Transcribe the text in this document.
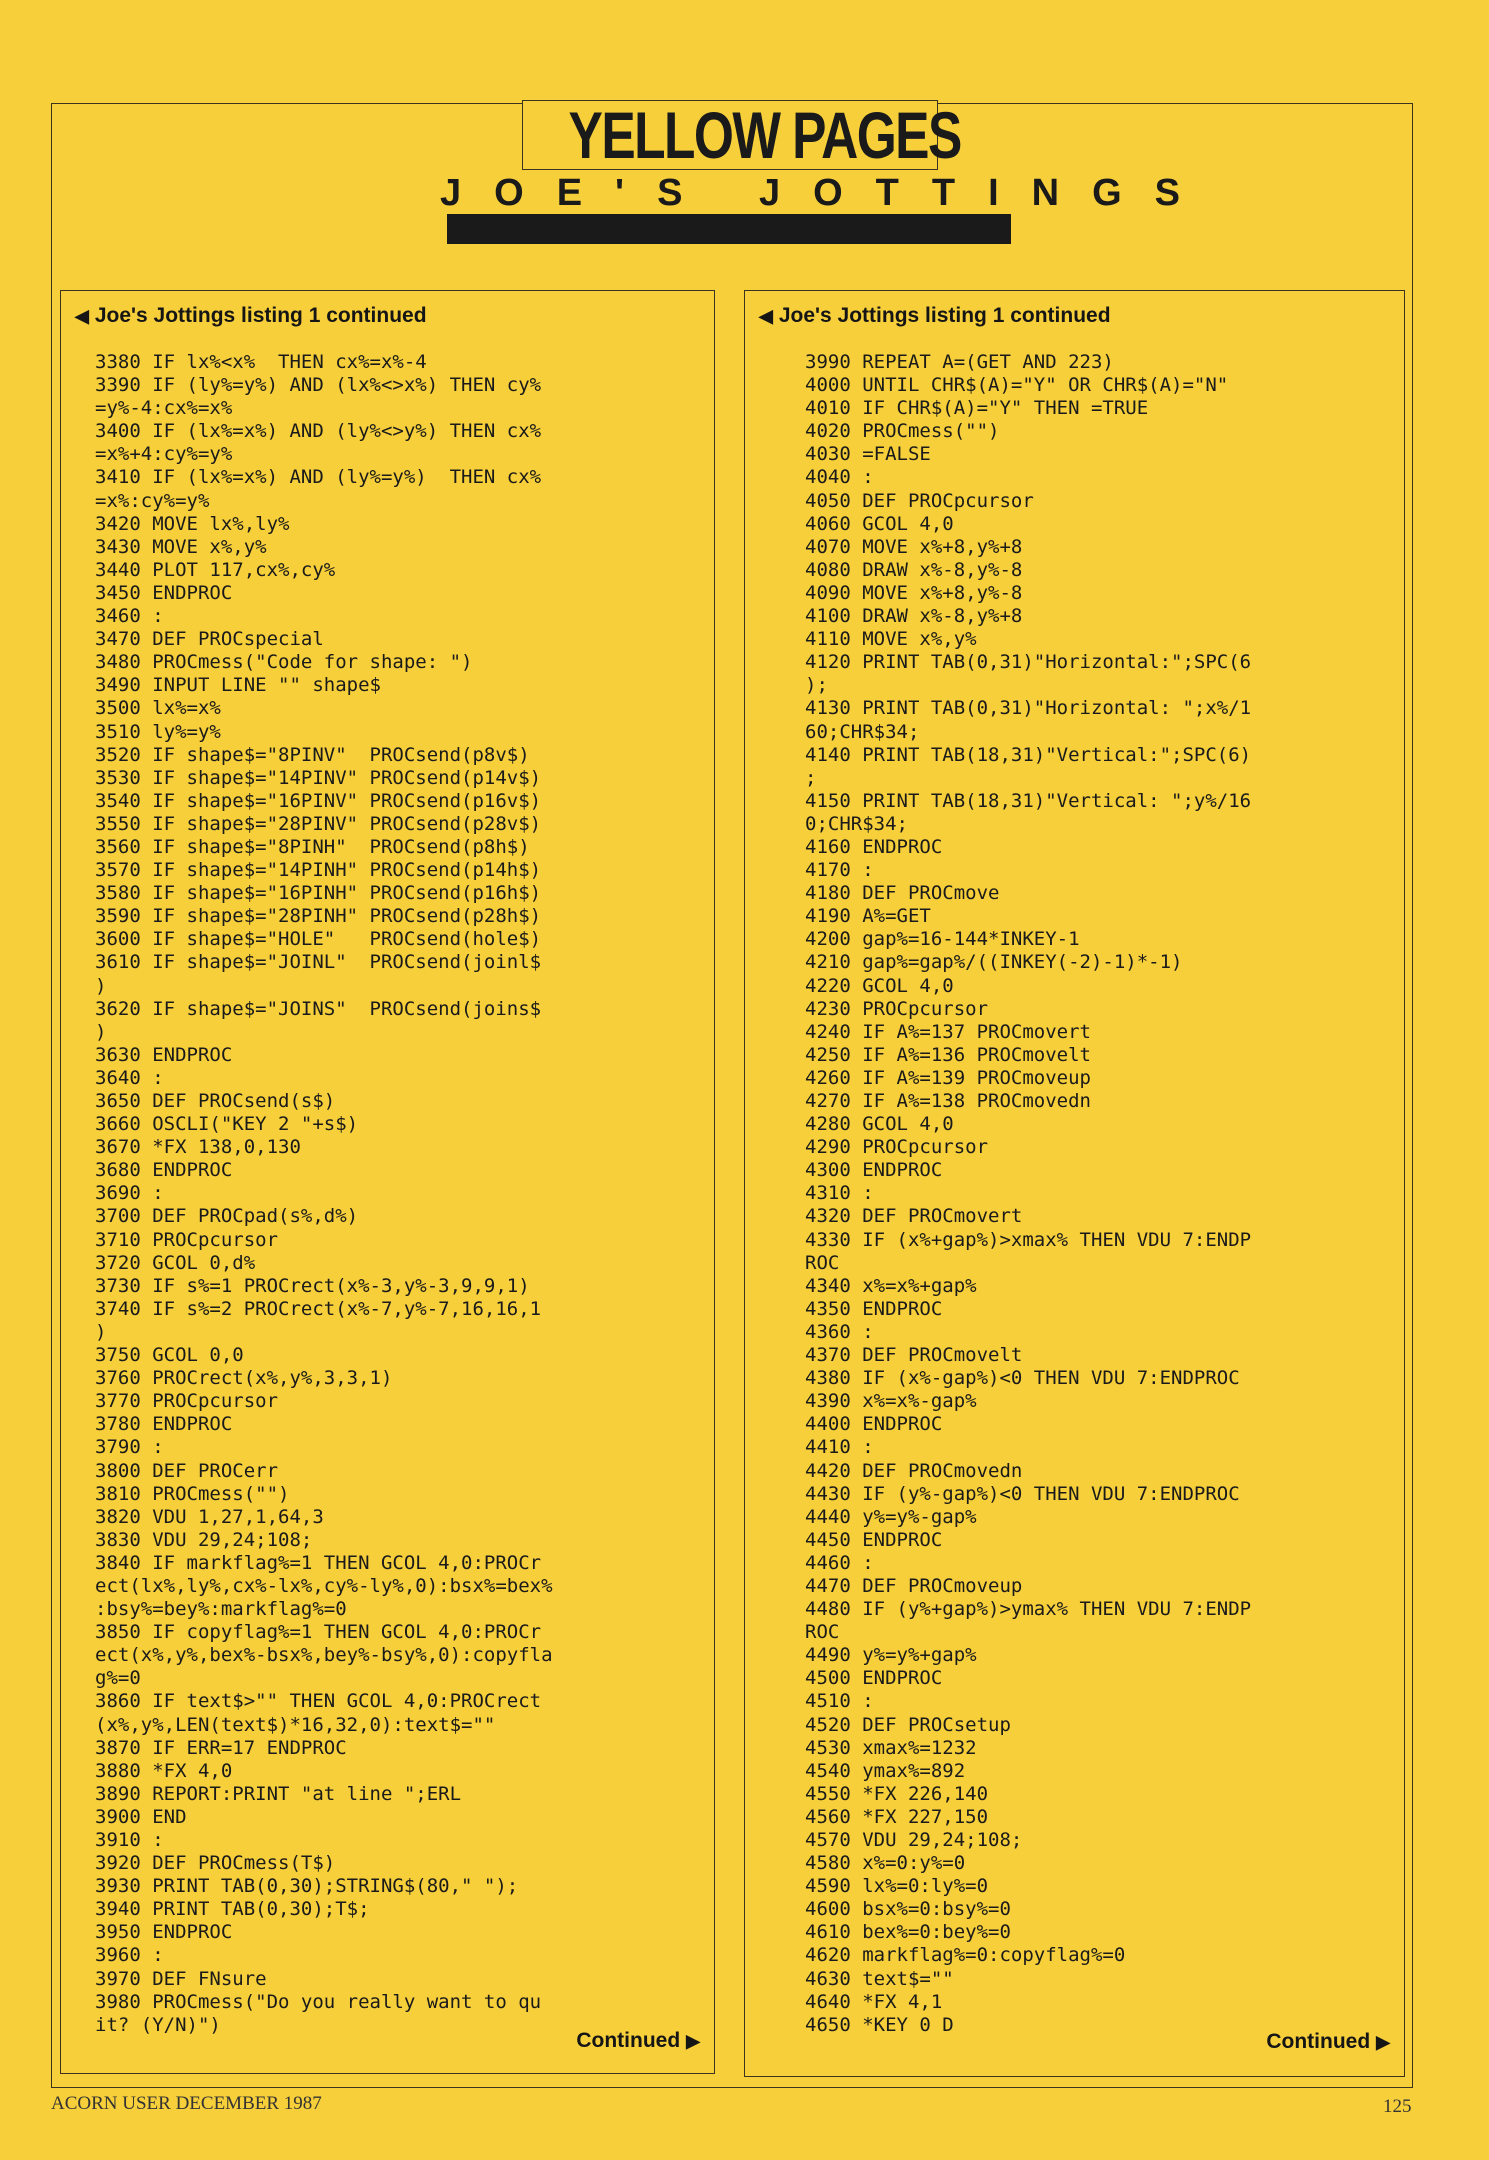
YELLOW PAGES
JOE'S JOTTINGS
◀ Joe's Jottings listing 1 continued
3380 IF lx%<x%  THEN cx%=x%-4
3390 IF (ly%=y%) AND (lx%<>x%) THEN cy%
=y%-4:cx%=x%
3400 IF (lx%=x%) AND (ly%<>y%) THEN cx%
=x%+4:cy%=y%
3410 IF (lx%=x%) AND (ly%=y%)  THEN cx%
=x%:cy%=y%
3420 MOVE lx%,ly%
3430 MOVE x%,y%
3440 PLOT 117,cx%,cy%
3450 ENDPROC
3460 :
3470 DEF PROCspecial
3480 PROCmess("Code for shape: ")
3490 INPUT LINE "" shape$
3500 lx%=x%
3510 ly%=y%
3520 IF shape$="8PINV"  PROCsend(p8v$)
3530 IF shape$="14PINV" PROCsend(p14v$)
3540 IF shape$="16PINV" PROCsend(p16v$)
3550 IF shape$="28PINV" PROCsend(p28v$)
3560 IF shape$="8PINH"  PROCsend(p8h$)
3570 IF shape$="14PINH" PROCsend(p14h$)
3580 IF shape$="16PINH" PROCsend(p16h$)
3590 IF shape$="28PINH" PROCsend(p28h$)
3600 IF shape$="HOLE"   PROCsend(hole$)
3610 IF shape$="JOINL"  PROCsend(joinl$
)
3620 IF shape$="JOINS"  PROCsend(joins$
)
3630 ENDPROC
3640 :
3650 DEF PROCsend(s$)
3660 OSCLI("KEY 2 "+s$)
3670 *FX 138,0,130
3680 ENDPROC
3690 :
3700 DEF PROCpad(s%,d%)
3710 PROCpcursor
3720 GCOL 0,d%
3730 IF s%=1 PROCrect(x%-3,y%-3,9,9,1)
3740 IF s%=2 PROCrect(x%-7,y%-7,16,16,1
)
3750 GCOL 0,0
3760 PROCrect(x%,y%,3,3,1)
3770 PROCpcursor
3780 ENDPROC
3790 :
3800 DEF PROCerr
3810 PROCmess("")
3820 VDU 1,27,1,64,3
3830 VDU 29,24;108;
3840 IF markflag%=1 THEN GCOL 4,0:PROCr
ect(lx%,ly%,cx%-lx%,cy%-ly%,0):bsx%=bex%
:bsy%=bey%:markflag%=0
3850 IF copyflag%=1 THEN GCOL 4,0:PROCr
ect(x%,y%,bex%-bsx%,bey%-bsy%,0):copyfla
g%=0
3860 IF text$>"" THEN GCOL 4,0:PROCrect
(x%,y%,LEN(text$)*16,32,0):text$=""
3870 IF ERR=17 ENDPROC
3880 *FX 4,0
3890 REPORT:PRINT "at line ";ERL
3900 END
3910 :
3920 DEF PROCmess(T$)
3930 PRINT TAB(0,30);STRING$(80," ");
3940 PRINT TAB(0,30);T$;
3950 ENDPROC
3960 :
3970 DEF FNsure
3980 PROCmess("Do you really want to qu
it? (Y/N)")
Continued ▶
◀ Joe's Jottings listing 1 continued
3990 REPEAT A=(GET AND 223)
4000 UNTIL CHR$(A)="Y" OR CHR$(A)="N"
4010 IF CHR$(A)="Y" THEN =TRUE
4020 PROCmess("")
4030 =FALSE
4040 :
4050 DEF PROCpcursor
4060 GCOL 4,0
4070 MOVE x%+8,y%+8
4080 DRAW x%-8,y%-8
4090 MOVE x%+8,y%-8
4100 DRAW x%-8,y%+8
4110 MOVE x%,y%
4120 PRINT TAB(0,31)"Horizontal:";SPC(6
);
4130 PRINT TAB(0,31)"Horizontal: ";x%/1
60;CHR$34;
4140 PRINT TAB(18,31)"Vertical:";SPC(6)
;
4150 PRINT TAB(18,31)"Vertical: ";y%/16
0;CHR$34;
4160 ENDPROC
4170 :
4180 DEF PROCmove
4190 A%=GET
4200 gap%=16-144*INKEY-1
4210 gap%=gap%/((INKEY(-2)-1)*-1)
4220 GCOL 4,0
4230 PROCpcursor
4240 IF A%=137 PROCmovert
4250 IF A%=136 PROCmovelt
4260 IF A%=139 PROCmoveup
4270 IF A%=138 PROCmovedn
4280 GCOL 4,0
4290 PROCpcursor
4300 ENDPROC
4310 :
4320 DEF PROCmovert
4330 IF (x%+gap%)>xmax% THEN VDU 7:ENDP
ROC
4340 x%=x%+gap%
4350 ENDPROC
4360 :
4370 DEF PROCmovelt
4380 IF (x%-gap%)<0 THEN VDU 7:ENDPROC
4390 x%=x%-gap%
4400 ENDPROC
4410 :
4420 DEF PROCmovedn
4430 IF (y%-gap%)<0 THEN VDU 7:ENDPROC
4440 y%=y%-gap%
4450 ENDPROC
4460 :
4470 DEF PROCmoveup
4480 IF (y%+gap%)>ymax% THEN VDU 7:ENDP
ROC
4490 y%=y%+gap%
4500 ENDPROC
4510 :
4520 DEF PROCsetup
4530 xmax%=1232
4540 ymax%=892
4550 *FX 226,140
4560 *FX 227,150
4570 VDU 29,24;108;
4580 x%=0:y%=0
4590 lx%=0:ly%=0
4600 bsx%=0:bsy%=0
4610 bex%=0:bey%=0
4620 markflag%=0:copyflag%=0
4630 text$=""
4640 *FX 4,1
4650 *KEY 0 D
Continued ▶
ACORN USER DECEMBER 1987	125
